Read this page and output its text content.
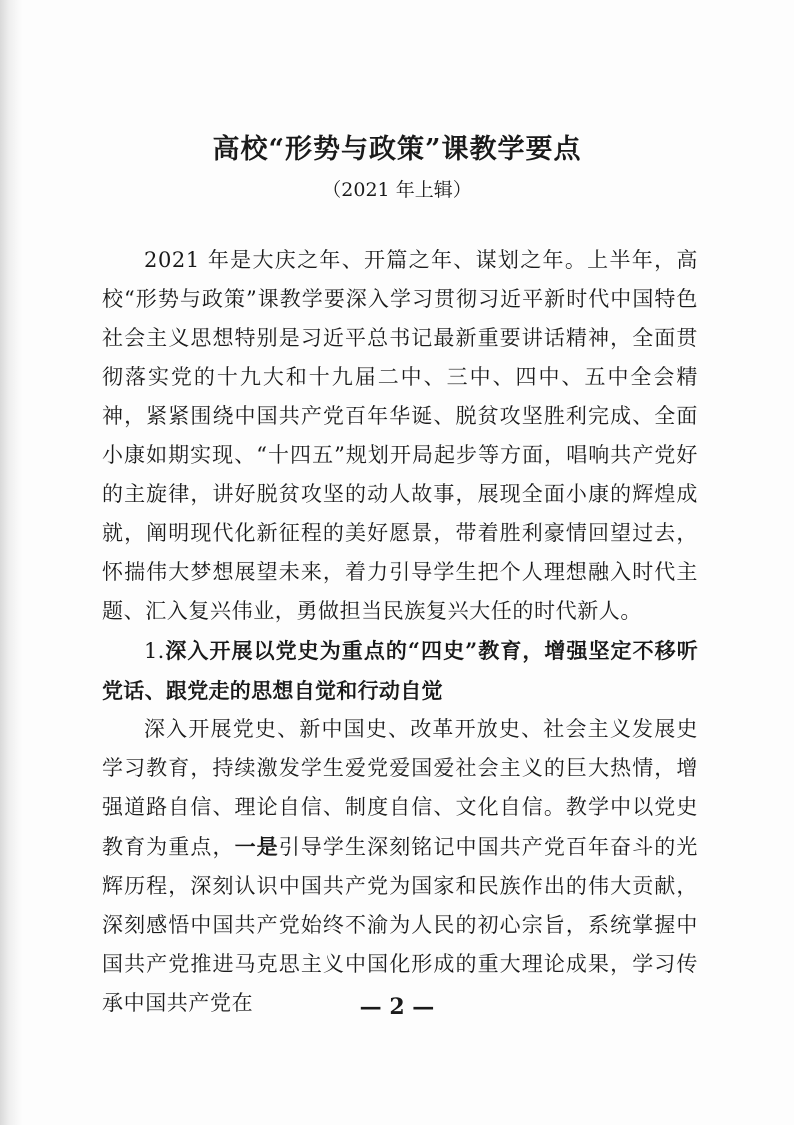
高校“形势与政策”课教学要点

（2021 年上辑）

2021 年是大庆之年、开篇之年、谋划之年。上半年，高校“形势与政策”课教学要深入学习贯彻习近平新时代中国特色社会主义思想特别是习近平总书记最新重要讲话精神，全面贯彻落实党的十九大和十九届二中、三中、四中、五中全会精神，紧紧围绕中国共产党百年华诞、脱贫攻坚胜利完成、全面小康如期实现、“十四五”规划开局起步等方面，唱响共产党好的主旋律，讲好脱贫攻坚的动人故事，展现全面小康的辉煌成就，阐明现代化新征程的美好愿景，带着胜利豪情回望过去，怀揣伟大梦想展望未来，着力引导学生把个人理想融入时代主题、汇入复兴伟业，勇做担当民族复兴大任的时代新人。

1.深入开展以党史为重点的“四史”教育，增强坚定不移听党话、跟党走的思想自觉和行动自觉

深入开展党史、新中国史、改革开放史、社会主义发展史学习教育，持续激发学生爱党爱国爱社会主义的巨大热情，增强道路自信、理论自信、制度自信、文化自信。教学中以党史教育为重点，一是引导学生深刻铭记中国共产党百年奋斗的光辉历程，深刻认识中国共产党为国家和民族作出的伟大贡献，深刻感悟中国共产党始终不渝为人民的初心宗旨，系统掌握中国共产党推进马克思主义中国化形成的重大理论成果，学习传承中国共产党在	— 2 —
